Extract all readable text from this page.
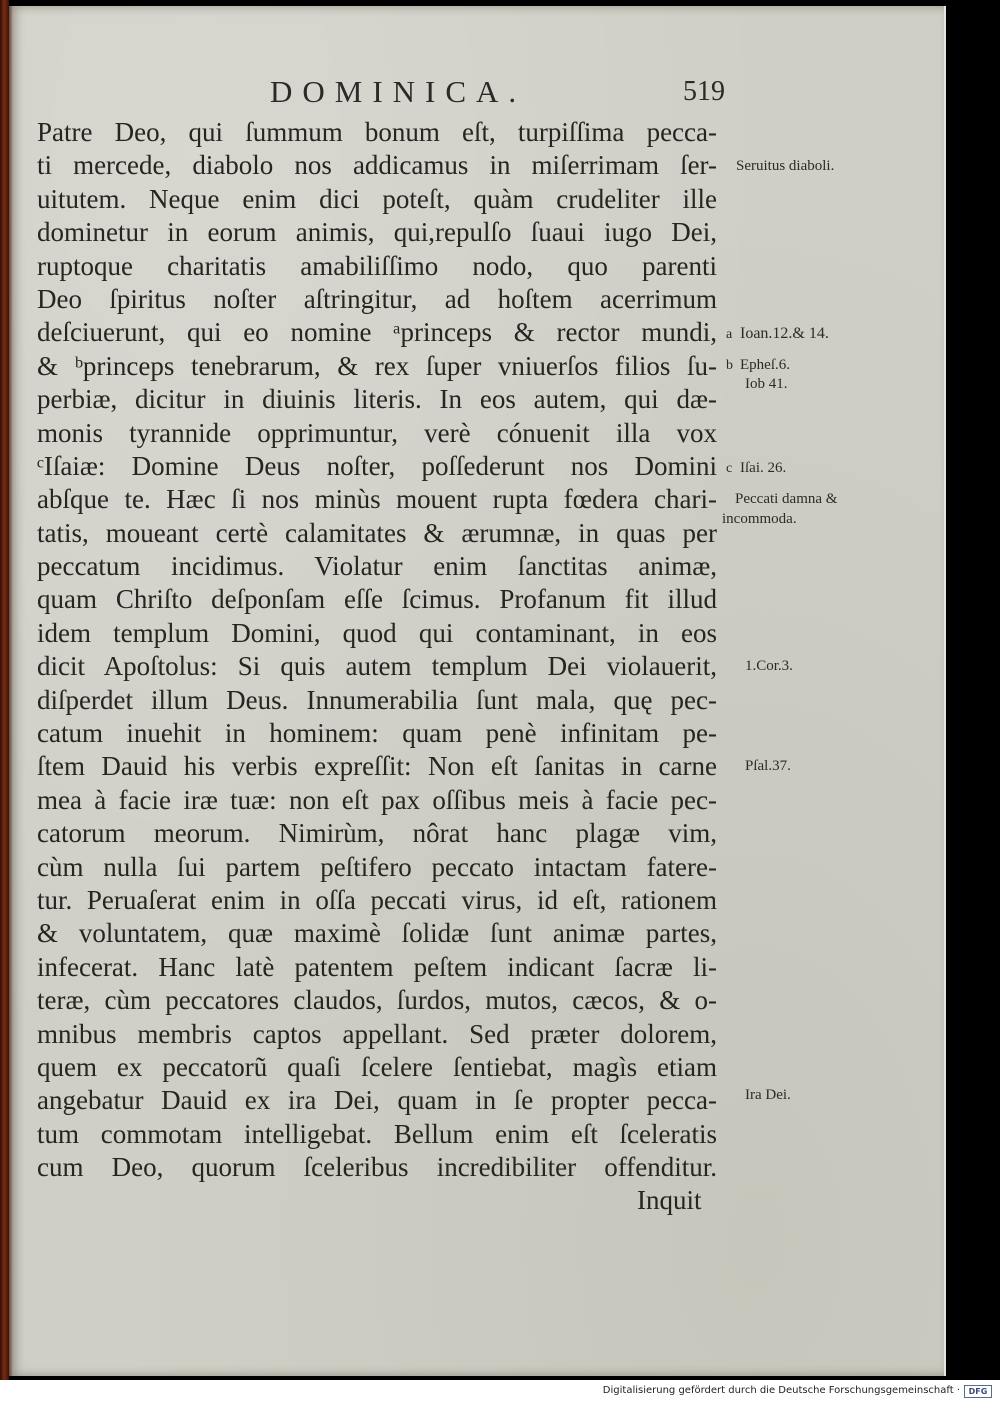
DOMINICA.	519
Patre Deo, qui ſummum bonum eſt, turpiſſima pecca-
ti mercede, diabolo nos addicamus in miſerrimam ſer-
uitutem. Neque enim dici poteſt, quàm crudeliter ille
dominetur in eorum animis, qui,repulſo ſuaui iugo Dei,
ruptoque charitatis amabiliſſimo nodo, quo parenti
Deo ſpiritus noſter aſtringitur, ad hoſtem acerrimum
deſciuerunt, qui eo nomine ᵃprinceps & rector mundi,
& ᵇprinceps tenebrarum, & rex ſuper vniuerſos filios ſu-
perbiæ, dicitur in diuinis literis. In eos autem, qui dæ-
monis tyrannide opprimuntur, verè cónuenit illa vox
ᶜIſaiæ: Domine Deus noſter, poſſederunt nos Domini
abſque te. Hæc ſi nos minùs mouent rupta fœdera chari-
tatis, moueant certè calamitates & ærumnæ, in quas per
peccatum incidimus. Violatur enim ſanctitas animæ,
quam Chriſto deſponſam eſſe ſcimus. Profanum fit illud
idem templum Domini, quod qui contaminant, in eos
dicit Apoſtolus: Si quis autem templum Dei violauerit,
diſperdet illum Deus. Innumerabilia ſunt mala, quę pec-
catum inuehit in hominem: quam penè infinitam pe-
ſtem Dauid his verbis expreſſit: Non eſt ſanitas in carne
mea à facie iræ tuæ: non eſt pax oſſibus meis à facie pec-
catorum meorum. Nimirùm, nôrat hanc plagæ vim,
cùm nulla ſui partem peſtifero peccato intactam fatere-
tur. Peruaſerat enim in oſſa peccati virus, id eſt, rationem
& voluntatem, quæ maximè ſolidæ ſunt animæ partes,
infecerat. Hanc latè patentem peſtem indicant ſacræ li-
teræ, cùm peccatores claudos, ſurdos, mutos, cæcos, & o-
mnibus membris captos appellant. Sed præter dolorem,
quem ex peccatorũ quaſi ſcelere ſentiebat, magìs etiam
angebatur Dauid ex ira Dei, quam in ſe propter pecca-
tum commotam intelligebat. Bellum enim eſt ſceleratis
cum Deo, quorum ſceleribus incredibiliter offenditur.
Inquit
Seruitus diaboli.
a Ioan.12.& 14.
b Epheſ.6.
Iob 41.
c Iſai. 26.
Peccati damna &
incommoda.
1.Cor.3.
Pſal.37.
Ira Dei.
Digitalisierung gefördert durch die Deutsche Forschungsgemeinschaft ·	DFG
